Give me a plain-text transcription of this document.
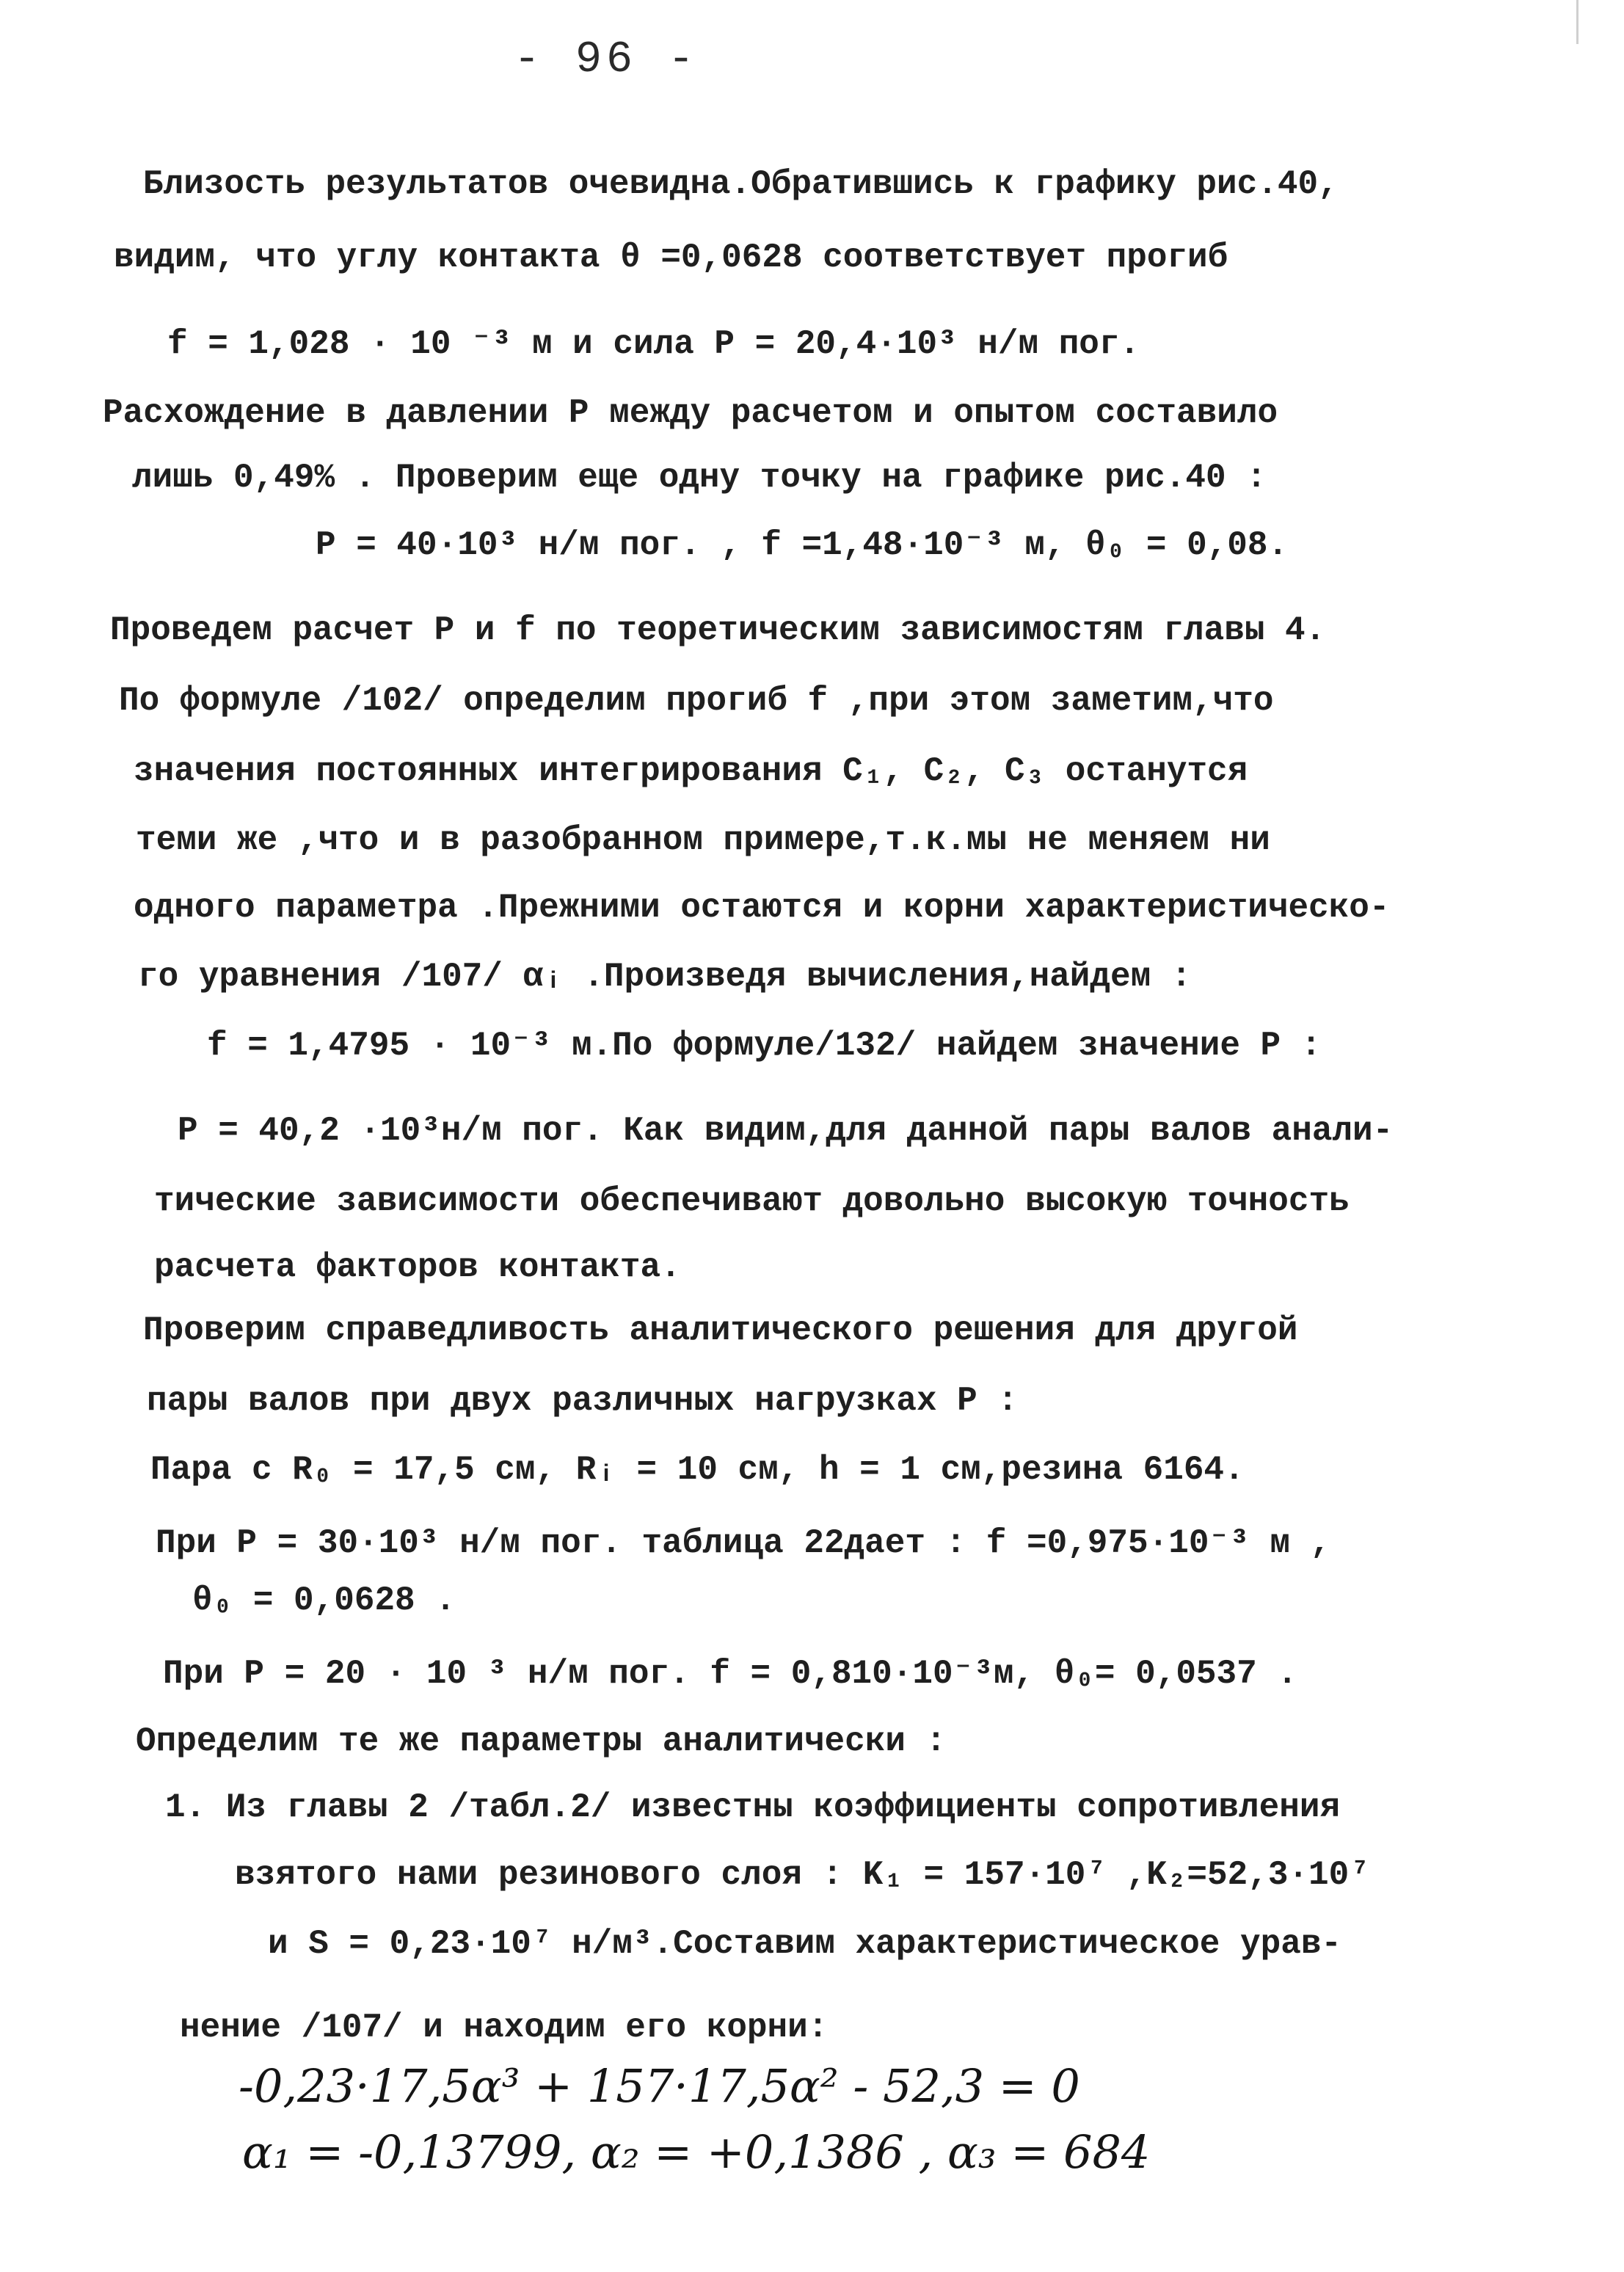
- 96 -
Близость результатов очевидна.Обратившись к графику рис.40,
видим, что углу контакта θ =0,0628 соответствует прогиб
f = 1,028 · 10 ⁻³ м и сила P = 20,4·10³ н/м пог.
Расхождение в давлении P между расчетом и опытом составило
лишь 0,49% . Проверим еще одну точку на графике рис.40 :
P = 40·10³ н/м пог. , f =1,48·10⁻³ м, θ₀ = 0,08.
Проведем расчет P и f по теоретическим зависимостям главы 4.
По формуле /102/ определим прогиб f ,при этом заметим,что
значения постоянных интегрирования C₁, C₂, C₃ останутся
теми же ,что и в разобранном примере,т.к.мы не меняем ни
одного параметра .Прежними остаются и корни характеристическо-
го уравнения /107/ αᵢ .Произведя вычисления,найдем :
f = 1,4795 · 10⁻³ м.По формуле/132/ найдем значение P :
P = 40,2 ·10³н/м пог. Как видим,для данной пары валов анали-
тические зависимости обеспечивают довольно высокую точность
расчета факторов контакта.
Проверим справедливость аналитического решения для другой
пары валов при двух различных нагрузках P :
Пара с R₀ = 17,5 см, Rᵢ = 10 см, h = 1 см,резина 6164.
При P = 30·10³ н/м пог. таблица 22дает : f =0,975·10⁻³ м ,
θ₀ = 0,0628 .
При P = 20 · 10 ³ н/м пог. f = 0,810·10⁻³м, θ₀= 0,0537 .
Определим те же параметры аналитически :
1. Из главы 2 /табл.2/ известны коэффициенты сопротивления
взятого нами резинового слоя : K₁ = 157·10⁷ ,K₂=52,3·10⁷
и S = 0,23·10⁷ н/м³.Составим характеристическое урав-
нение /107/ и находим его корни:
-0,23·17,5α³ + 157·17,5α² - 52,3 = 0
α₁ = -0,13799, α₂ = +0,1386 , α₃ = 684
